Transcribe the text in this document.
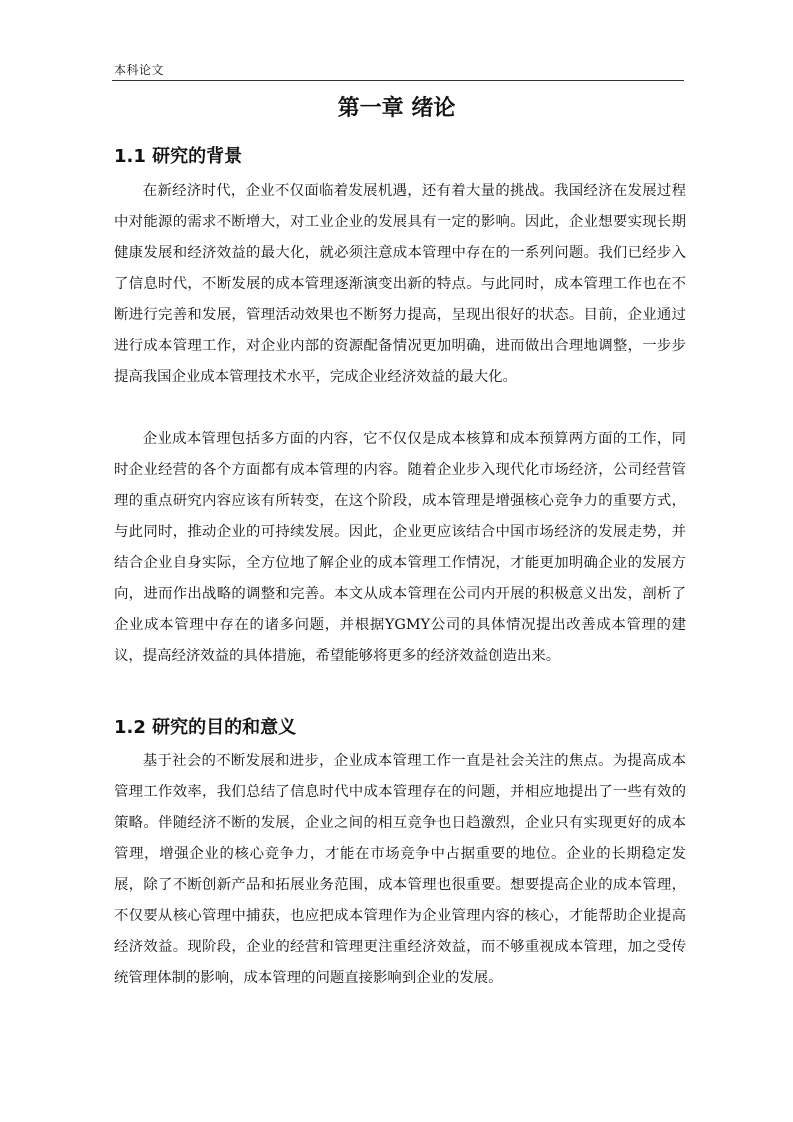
本科论文
第一章 绪论
1.1 研究的背景

在新经济时代，企业不仅面临着发展机遇，还有着大量的挑战。我国经济在发展过程中对能源的需求不断增大，对工业企业的发展具有一定的影响。因此，企业想要实现长期健康发展和经济效益的最大化，就必须注意成本管理中存在的一系列问题。我们已经步入了信息时代，不断发展的成本管理逐渐演变出新的特点。与此同时，成本管理工作也在不断进行完善和发展，管理活动效果也不断努力提高，呈现出很好的状态。目前，企业通过进行成本管理工作，对企业内部的资源配备情况更加明确，进而做出合理地调整，一步步提高我国企业成本管理技术水平，完成企业经济效益的最大化。

企业成本管理包括多方面的内容，它不仅仅是成本核算和成本预算两方面的工作，同时企业经营的各个方面都有成本管理的内容。随着企业步入现代化市场经济，公司经营管理的重点研究内容应该有所转变，在这个阶段，成本管理是增强核心竞争力的重要方式，与此同时，推动企业的可持续发展。因此，企业更应该结合中国市场经济的发展走势，并结合企业自身实际，全方位地了解企业的成本管理工作情况，才能更加明确企业的发展方向，进而作出战略的调整和完善。本文从成本管理在公司内开展的积极意义出发，剖析了企业成本管理中存在的诸多问题，并根据YGMY公司的具体情况提出改善成本管理的建议，提高经济效益的具体措施，希望能够将更多的经济效益创造出来。

1.2 研究的目的和意义

基于社会的不断发展和进步，企业成本管理工作一直是社会关注的焦点。为提高成本管理工作效率，我们总结了信息时代中成本管理存在的问题，并相应地提出了一些有效的策略。伴随经济不断的发展，企业之间的相互竞争也日趋激烈，企业只有实现更好的成本管理，增强企业的核心竞争力，才能在市场竞争中占据重要的地位。企业的长期稳定发展，除了不断创新产品和拓展业务范围，成本管理也很重要。想要提高企业的成本管理，不仅要从核心管理中捕获，也应把成本管理作为企业管理内容的核心，才能帮助企业提高经济效益。现阶段，企业的经营和管理更注重经济效益，而不够重视成本管理，加之受传统管理体制的影响，成本管理的问题直接影响到企业的发展。
